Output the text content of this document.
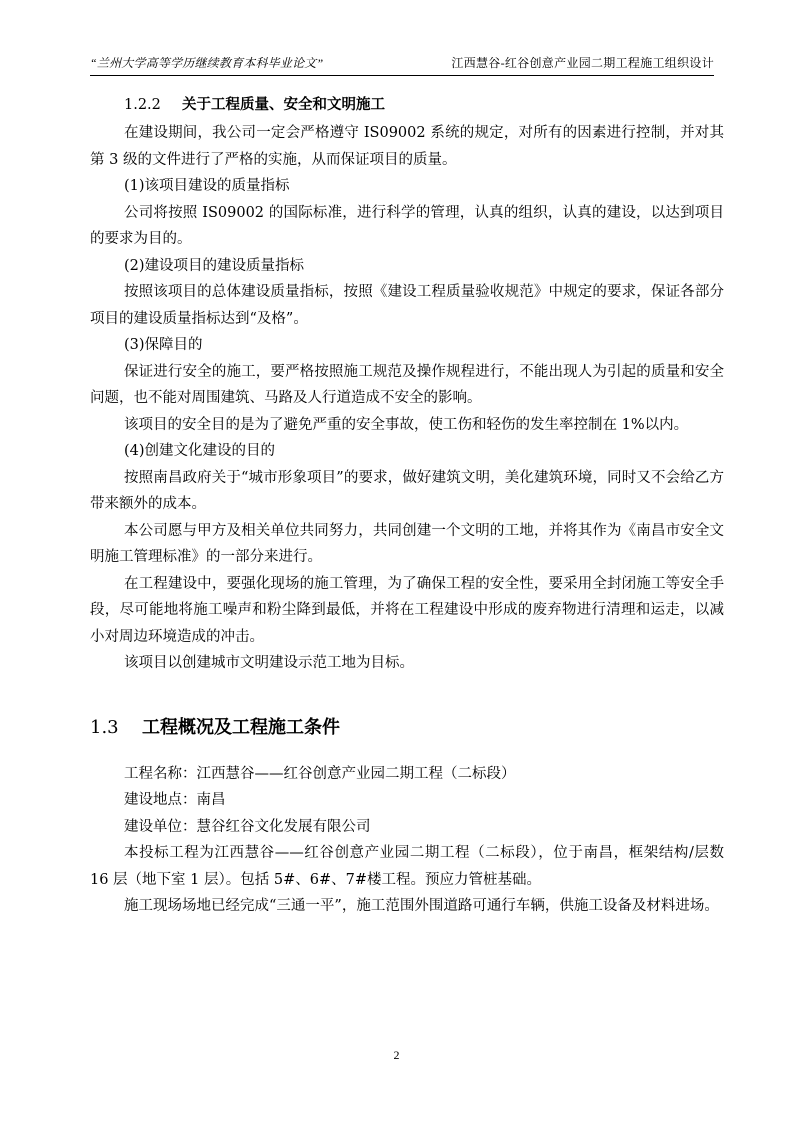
“兰州大学高等学历继续教育本科毕业论文”	江西慧谷-红谷创意产业园二期工程施工组织设计
1.2.2 关于工程质量、安全和文明施工

在建设期间，我公司一定会严格遵守 IS09002 系统的规定，对所有的因素进行控制，并对其第 3 级的文件进行了严格的实施，从而保证项目的质量。

(1)该项目建设的质量指标

公司将按照 IS09002 的国际标准，进行科学的管理，认真的组织，认真的建设，以达到项目的要求为目的。

(2)建设项目的建设质量指标

按照该项目的总体建设质量指标，按照《建设工程质量验收规范》中规定的要求，保证各部分项目的建设质量指标达到“及格”。

(3)保障目的

保证进行安全的施工，要严格按照施工规范及操作规程进行，不能出现人为引起的质量和安全问题，也不能对周围建筑、马路及人行道造成不安全的影响。

该项目的安全目的是为了避免严重的安全事故，使工伤和轻伤的发生率控制在 1%以内。

(4)创建文化建设的目的

按照南昌政府关于“城市形象项目”的要求，做好建筑文明，美化建筑环境，同时又不会给乙方带来额外的成本。

本公司愿与甲方及相关单位共同努力，共同创建一个文明的工地，并将其作为《南昌市安全文明施工管理标准》的一部分来进行。

在工程建设中，要强化现场的施工管理，为了确保工程的安全性，要采用全封闭施工等安全手段，尽可能地将施工噪声和粉尘降到最低，并将在工程建设中形成的废弃物进行清理和运走，以减小对周边环境造成的冲击。

该项目以创建城市文明建设示范工地为目标。

1.3 工程概况及工程施工条件

工程名称：江西慧谷——红谷创意产业园二期工程（二标段）

建设地点：南昌

建设单位：慧谷红谷文化发展有限公司

本投标工程为江西慧谷——红谷创意产业园二期工程（二标段），位于南昌，框架结构/层数 16 层（地下室 1 层）。包括 5#、6#、7#楼工程。预应力管桩基础。

施工现场场地已经完成“三通一平”，施工范围外围道路可通行车辆，供施工设备及材料进场。

2
